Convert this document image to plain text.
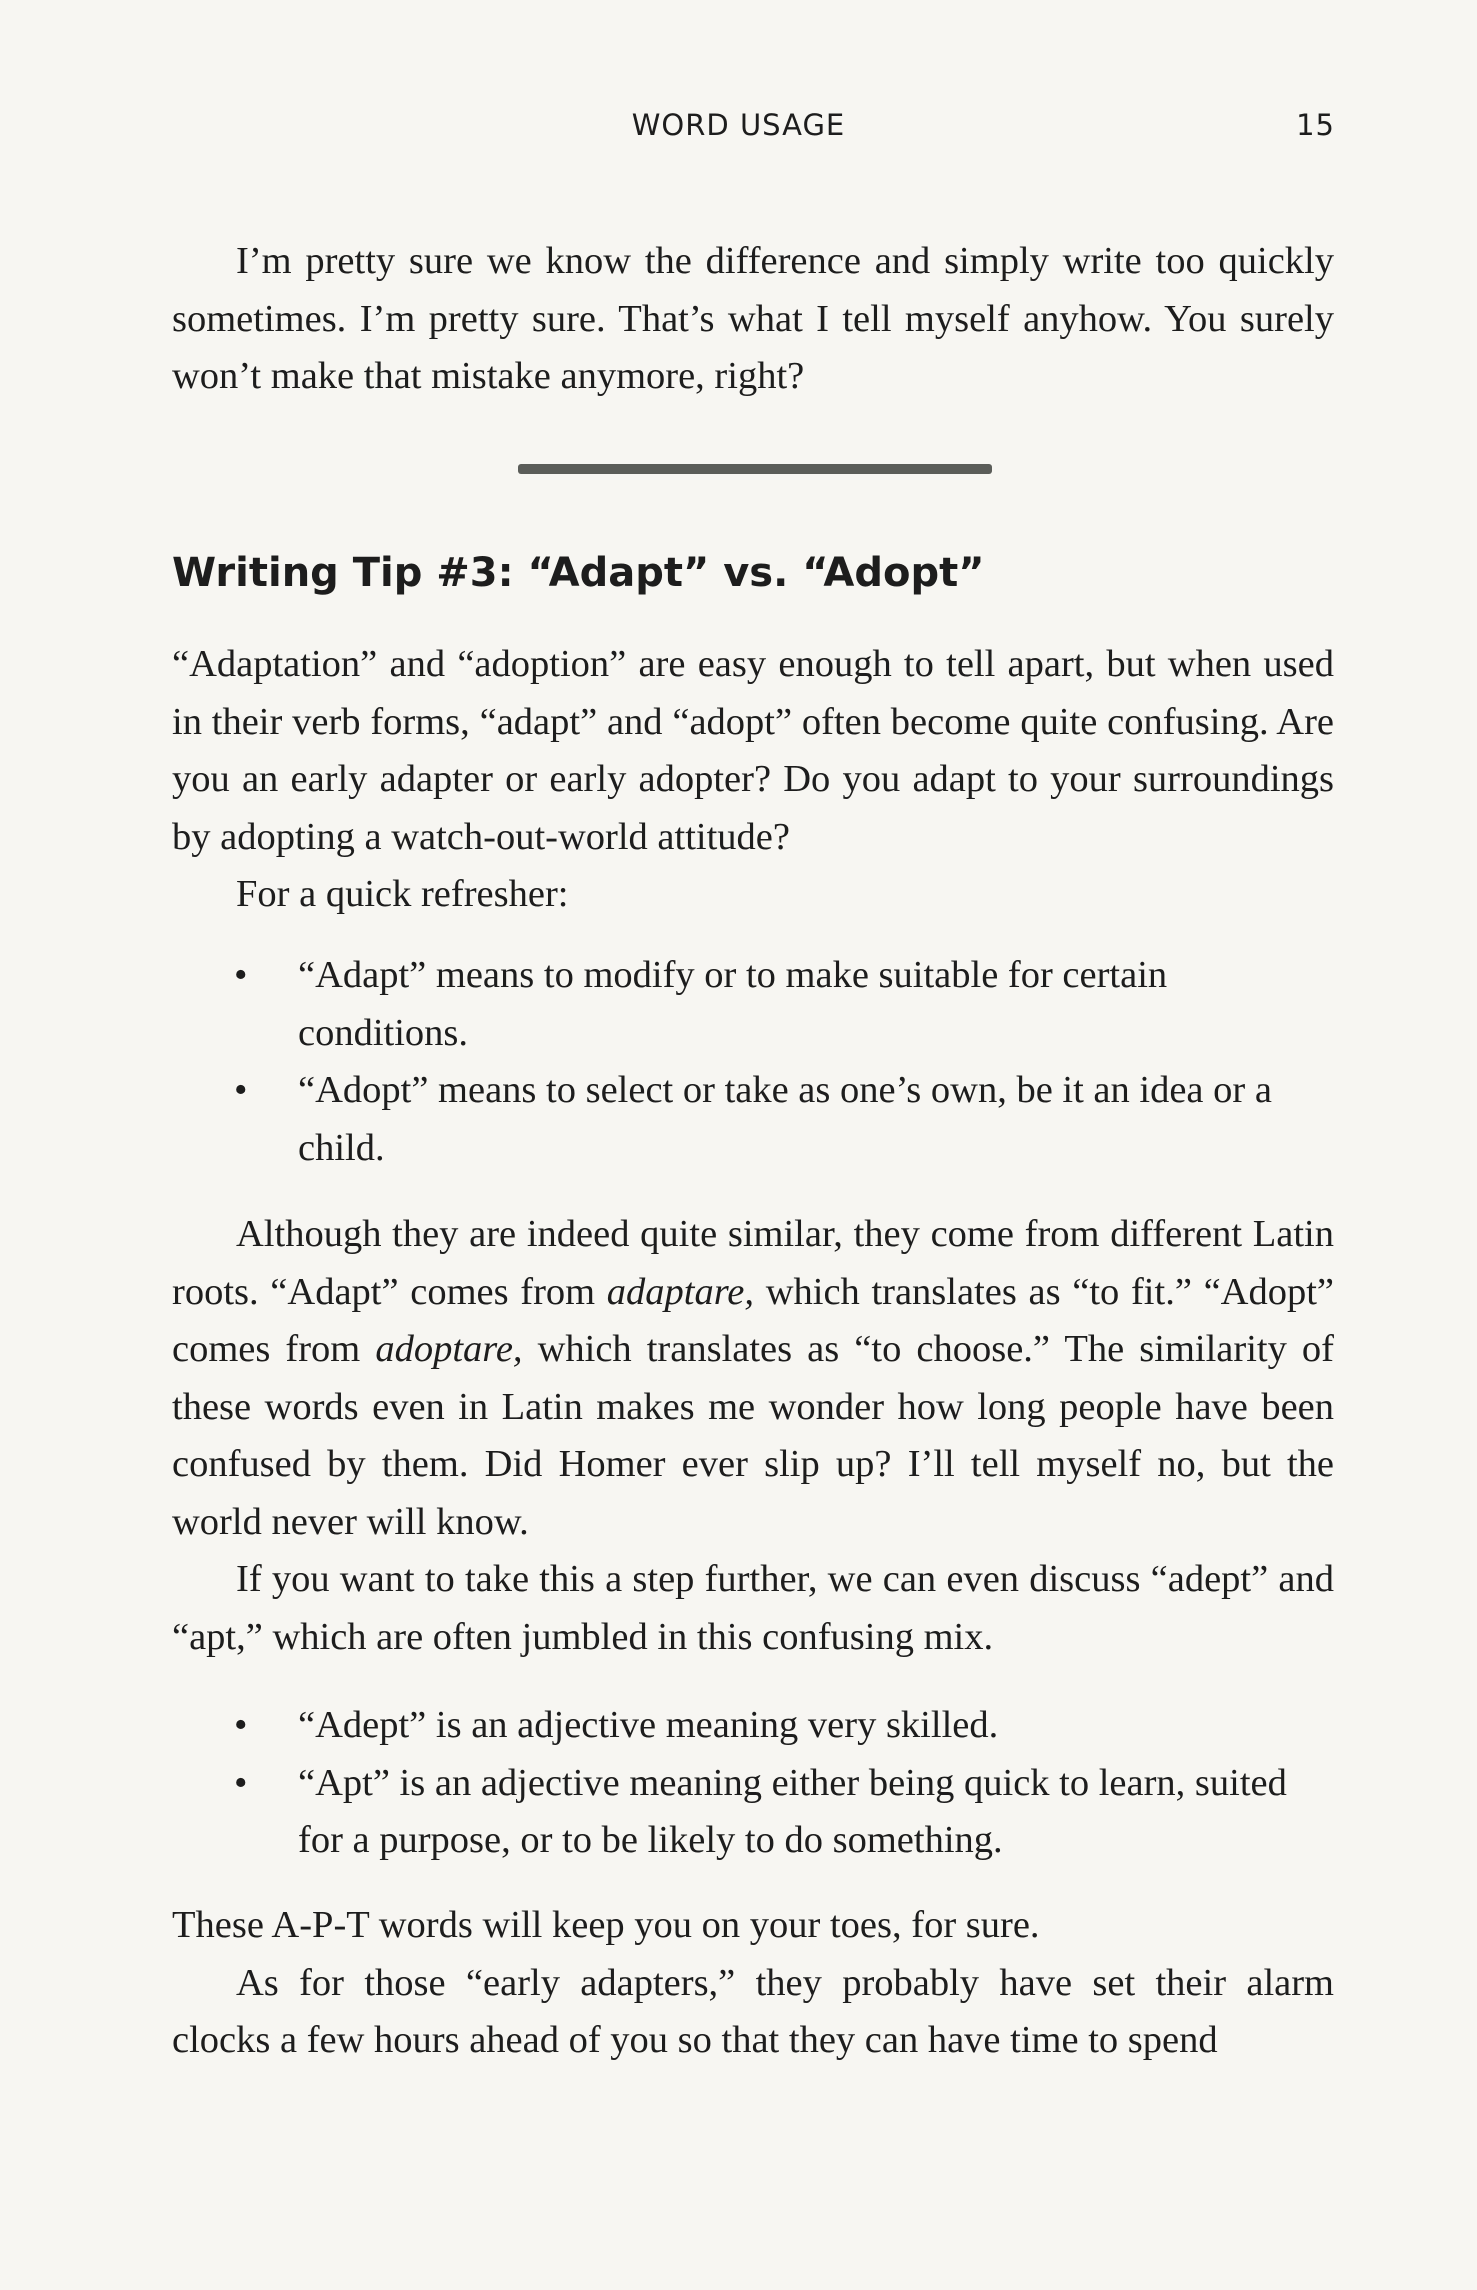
WORD USAGE	15

I’m pretty sure we know the difference and simply write too quickly sometimes. I’m pretty sure. That’s what I tell myself anyhow. You surely won’t make that mistake anymore, right?

Writing Tip #3: “Adapt” vs. “Adopt”

“Adaptation” and “adoption” are easy enough to tell apart, but when used in their verb forms, “adapt” and “adopt” often become quite confusing. Are you an early adapter or early adopter? Do you adapt to your surroundings by adopting a watch-out-world attitude?

For a quick refresher:

• “Adapt” means to modify or to make suitable for certain conditions.
• “Adopt” means to select or take as one’s own, be it an idea or a child.

Although they are indeed quite similar, they come from different Latin roots. “Adapt” comes from adaptare, which translates as “to fit.” “Adopt” comes from adoptare, which translates as “to choose.” The similarity of these words even in Latin makes me wonder how long people have been confused by them. Did Homer ever slip up? I’ll tell myself no, but the world never will know.

If you want to take this a step further, we can even discuss “adept” and “apt,” which are often jumbled in this confusing mix.

• “Adept” is an adjective meaning very skilled.
• “Apt” is an adjective meaning either being quick to learn, suited for a purpose, or to be likely to do something.

These A-P-T words will keep you on your toes, for sure.

As for those “early adapters,” they probably have set their alarm clocks a few hours ahead of you so that they can have time to spend
